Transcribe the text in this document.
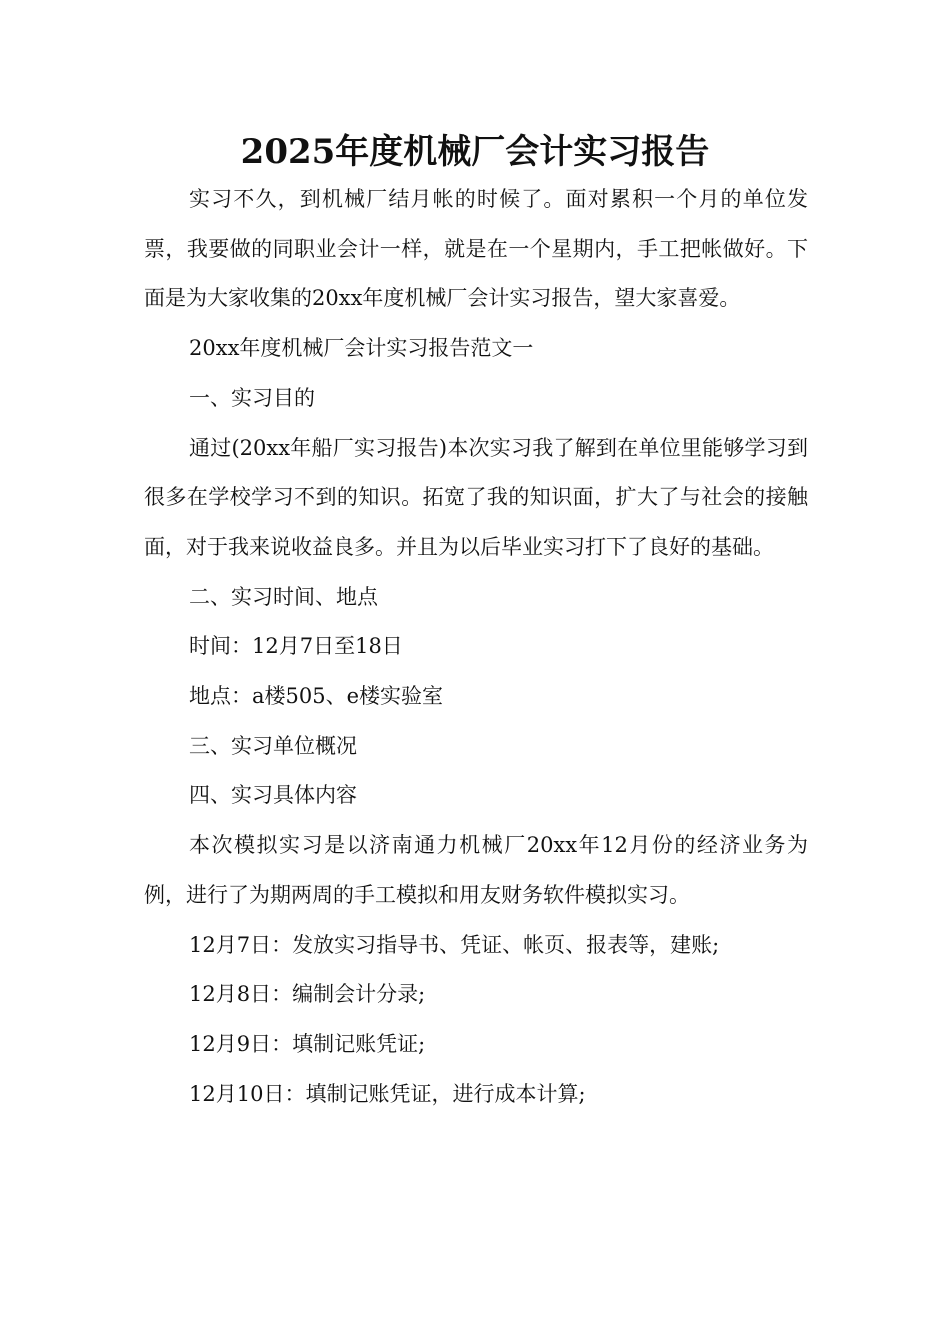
2025年度机械厂会计实习报告

实习不久，到机械厂结月帐的时候了。面对累积一个月的单位发票，我要做的同职业会计一样，就是在一个星期内，手工把帐做好。下面是为大家收集的20xx年度机械厂会计实习报告，望大家喜爱。

20xx年度机械厂会计实习报告范文一

一、实习目的

通过(20xx年船厂实习报告)本次实习我了解到在单位里能够学习到很多在学校学习不到的知识。拓宽了我的知识面，扩大了与社会的接触面，对于我来说收益良多。并且为以后毕业实习打下了良好的基础。

二、实习时间、地点

时间：12月7日至18日

地点：a楼505、e楼实验室

三、实习单位概况

四、实习具体内容

本次模拟实习是以济南通力机械厂20xx年12月份的经济业务为例，进行了为期两周的手工模拟和用友财务软件模拟实习。

12月7日：发放实习指导书、凭证、帐页、报表等，建账;

12月8日：编制会计分录;

12月9日：填制记账凭证;

12月10日：填制记账凭证，进行成本计算;
